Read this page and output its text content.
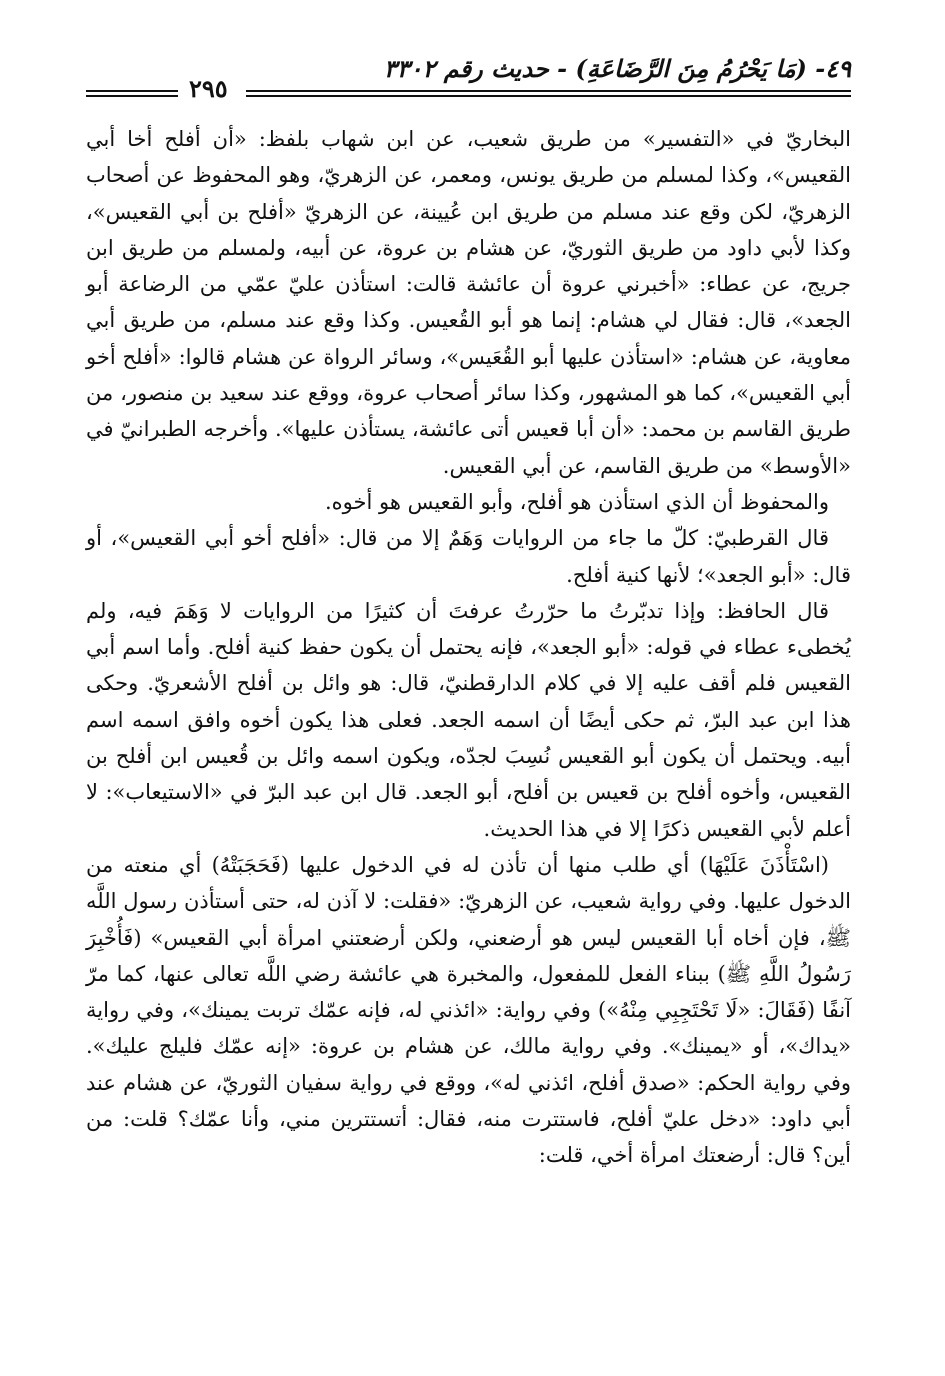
٤٩- (مَا يَحْرُمُ مِنَ الرَّضَاعَةِ) - حديث رقم ٣٣٠٢
٢٩٥

البخاريّ في «التفسير» من طريق شعيب، عن ابن شهاب بلفظ: «أن أفلح أخا أبي القعيس»، وكذا لمسلم من طريق يونس، ومعمر، عن الزهريّ، وهو المحفوظ عن أصحاب الزهريّ، لكن وقع عند مسلم من طريق ابن عُيينة، عن الزهريّ «أفلح بن أبي القعيس»، وكذا لأبي داود من طريق الثوريّ، عن هشام بن عروة، عن أبيه، ولمسلم من طريق ابن جريج، عن عطاء: «أخبرني عروة أن عائشة قالت: استأذن عليّ عمّي من الرضاعة أبو الجعد»، قال: فقال لي هشام: إنما هو أبو القُعيس. وكذا وقع عند مسلم، من طريق أبي معاوية، عن هشام: «استأذن عليها أبو القُعَيس»، وسائر الرواة عن هشام قالوا: «أفلح أخو أبي القعيس»، كما هو المشهور، وكذا سائر أصحاب عروة، ووقع عند سعيد بن منصور، من طريق القاسم بن محمد: «أن أبا قعيس أتى عائشة، يستأذن عليها». وأخرجه الطبرانيّ في «الأوسط» من طريق القاسم، عن أبي القعيس.

والمحفوظ أن الذي استأذن هو أفلح، وأبو القعيس هو أخوه.

قال القرطبيّ: كلّ ما جاء من الروايات وَهَمٌ إلا من قال: «أفلح أخو أبي القعيس»، أو قال: «أبو الجعد»؛ لأنها كنية أفلح.

قال الحافظ: وإذا تدبّرتُ ما حرّرتُ عرفتَ أن كثيرًا من الروايات لا وَهَمَ فيه، ولم يُخطىء عطاء في قوله: «أبو الجعد»، فإنه يحتمل أن يكون حفظ كنية أفلح. وأما اسم أبي القعيس فلم أقف عليه إلا في كلام الدارقطنيّ، قال: هو وائل بن أفلح الأشعريّ. وحكى هذا ابن عبد البرّ، ثم حكى أيضًا أن اسمه الجعد. فعلى هذا يكون أخوه وافق اسمه اسم أبيه. ويحتمل أن يكون أبو القعيس نُسِبَ لجدّه، ويكون اسمه وائل بن قُعيس ابن أفلح بن القعيس، وأخوه أفلح بن قعيس بن أفلح، أبو الجعد. قال ابن عبد البرّ في «الاستيعاب»: لا أعلم لأبي القعيس ذكرًا إلا في هذا الحديث.

(اسْتَأْذَنَ عَلَيْهَا) أي طلب منها أن تأذن له في الدخول عليها (فَحَجَبَتْهُ) أي منعته من الدخول عليها. وفي رواية شعيب، عن الزهريّ: «فقلت: لا آذن له، حتى أستأذن رسول اللَّه ﷺ، فإن أخاه أبا القعيس ليس هو أرضعني، ولكن أرضعتني امرأة أبي القعيس» (فَأُخْبِرَ رَسُولُ اللَّهِ ﷺ) ببناء الفعل للمفعول، والمخبرة هي عائشة رضي اللَّه تعالى عنها، كما مرّ آنفًا (فَقَالَ: «لَا تَحْتَجِبِي مِنْهُ») وفي رواية: «ائذني له، فإنه عمّك تربت يمينك»، وفي رواية «يداك»، أو «يمينك». وفي رواية مالك، عن هشام بن عروة: «إنه عمّك فليلج عليك». وفي رواية الحكم: «صدق أفلح، ائذني له»، ووقع في رواية سفيان الثوريّ، عن هشام عند أبي داود: «دخل عليّ أفلح، فاستترت منه، فقال: أتستترين مني، وأنا عمّك؟ قلت: من أين؟ قال: أرضعتك امرأة أخي، قلت:
